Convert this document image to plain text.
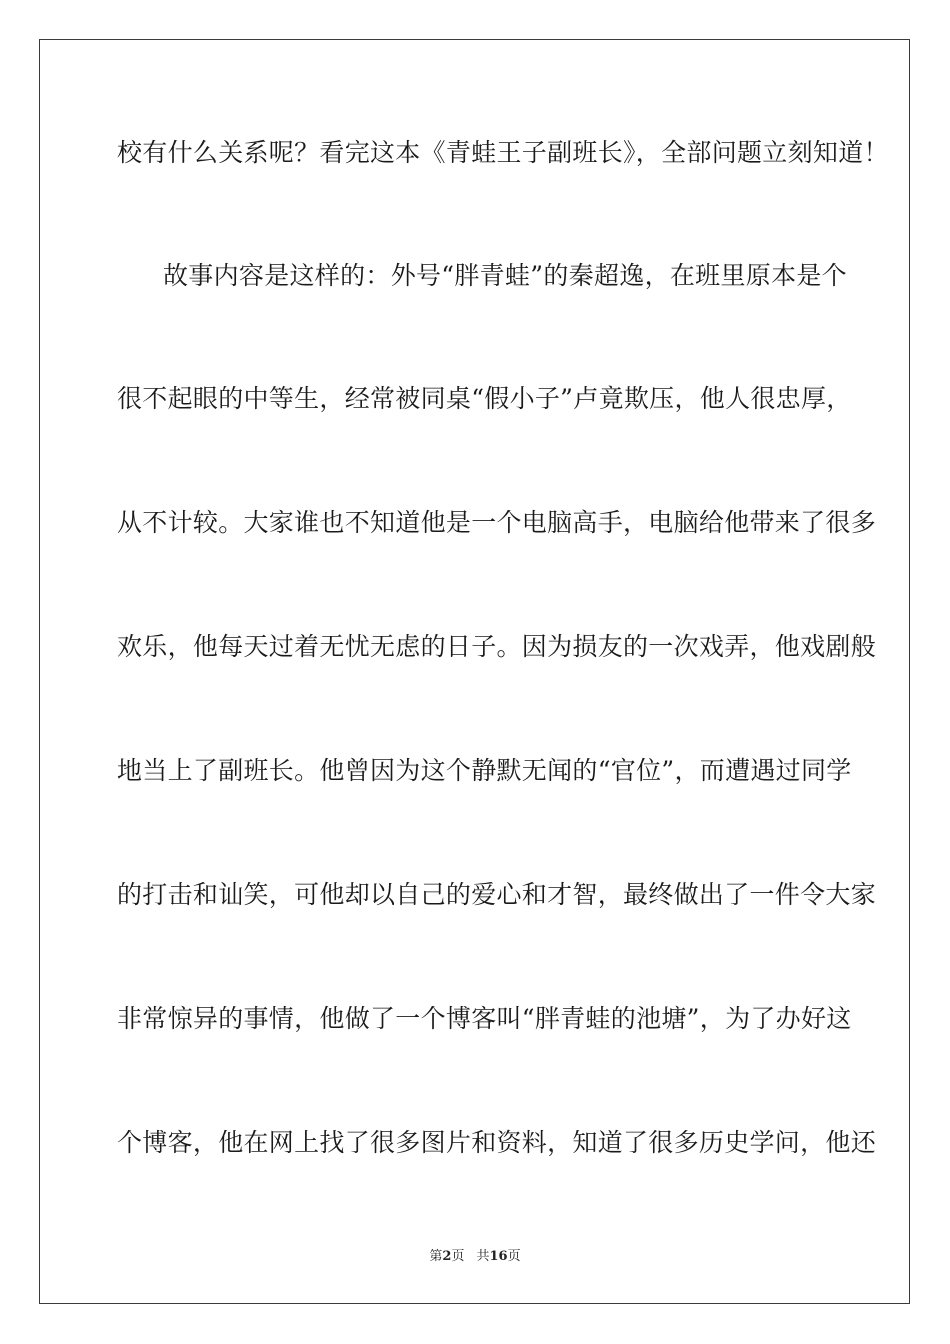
校有什么关系呢？看完这本《青蛙王子副班长》，全部问题立刻知道！
故事内容是这样的：外号“胖青蛙”的秦超逸，在班里原本是个
很不起眼的中等生，经常被同桌“假小子”卢竟欺压，他人很忠厚，
从不计较。大家谁也不知道他是一个电脑高手，电脑给他带来了很多
欢乐，他每天过着无忧无虑的日子。因为损友的一次戏弄，他戏剧般
地当上了副班长。他曾因为这个静默无闻的“官位”，而遭遇过同学
的打击和讪笑，可他却以自己的爱心和才智，最终做出了一件令大家
非常惊异的事情，他做了一个博客叫“胖青蛙的池塘”，为了办好这
个博客，他在网上找了很多图片和资料，知道了很多历史学问，他还
第2页 共16页
